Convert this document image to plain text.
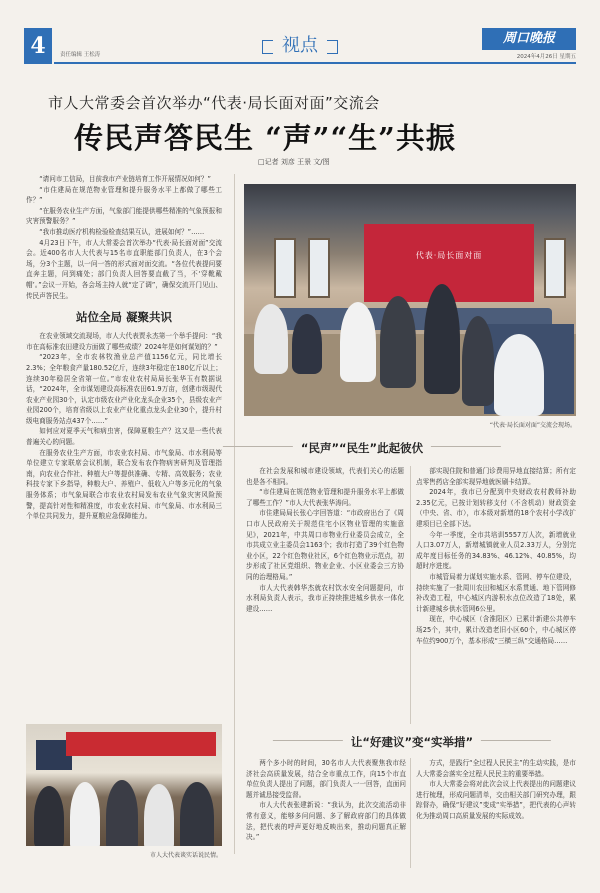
4	责任编辑 王松涛	视点	周口晚报
2024年4月26日 星期五
市人大常委会首次举办“代表·局长面对面”交流会
传民声答民生 “声”“生”共振
□记者 刘彦 王景 文/图

“请问市工信局，目前我市产业链培育工作开展情况如何？”

“市住建局在规范物业管理和提升服务水平上都做了哪些工作？”

“在服务农业生产方面，气象部门能提供哪些精准的气象预报和灾害预警服务？”

“我市推动医疗机构检验检查结果互认，进展如何？”……

4月23日下午，市人大常委会首次举办“代表·局长面对面”交流会。近400名市人大代表与15名市直职能部门负责人，在3个会场，分3个主题，以一问一答的形式面对面交流。“各位代表提问要直奔主题，问到痛处；部门负责人回答要直截了当，不‘穿靴戴帽’。”会议一开始，各会场主持人就“定了调”，确保交流开门见山、传民声答民生。

站位全局 凝聚共识

在农业领域交流现场，市人大代表贾永杰第一个举手提问：“我市在高标准农田建设方面做了哪些成绩？2024年是如何谋划的？”

“2023年，全市农林牧渔业总产值1156亿元，同比增长2.3%；全年粮食产量180.52亿斤，连续3年稳定在180亿斤以上；连续30年稳居全省第一位。”市农业农村局局长张华玉有数据说话，“2024年，全市谋划建设高标准农田61.9万亩，创建市级现代农业产业园30个，认定市级农业产业化龙头企业35个，县级农业产业园200个，培育省级以上农业产业化重点龙头企业30个，提升村级电商服务站点437个……”

如何应对夏季天气和病虫害，保障夏粮生产？这又是一些代表普遍关心的问题。

在服务农业生产方面，市农业农村局、市气象局、市水利局等单位建立专家联席会议机制，联合发布农作物病害研判及管理指南，向农业合作社、种植大户等提供准确、专精、高效服务；农业科技专家下乡指导，种粮大户、养殖户、低收入户等多元化的气象服务体系；市气象局联合市农业农村局发布农业气象灾害风险预警，提高针对性和精准度，市农业农村局、市气象局、市水利局三个单位共同发力，提升夏粮应急保障能力。

代表·局长面对面
“代表·局长面对面”交流会现场。
“民声”“民生”此起彼伏

在社会发展和城市建设领域，代表们关心的话题也是各不相同。

“市住建局在规范物业管理和提升服务水平上都做了哪些工作？”市人大代表张华涛问。

市住建局局长张心宇回答道：“市政府出台了《周口市人民政府关于规范住宅小区物业管理的实施意见》，2021年，中共周口市物业行业委员会成立，全市共成立业主委员会1163个；我市打造了39个红色物业小区，22个红色物业社区，6个红色物业示范点，初步形成了社区党组织、物业企业、小区业委会三方协同的治理格局。”

市人大代表韩华杰就农村饮水安全问题提问，市水利局负责人表示，我市正持续推进城乡供水一体化建设……

部实现住院和普通门诊费用异地直接结算；所有定点零售药店全部实现异地就医刷卡结算。

2024年，我市已分配到中央财政农村教师补助2.35亿元，已按计划转移支付（不含机动）财政资金（中央、省、市），市本级对新增的18个农村小学改扩建项目已全部下达。

今年一季度，全市共培训5557万人次，新增就业人口3.07万人，新增城镇就业人员2.33万人，分别完成年度目标任务的34.83%、46.12%、40.85%，均超时序进度。

市城管局着力谋划实施水系、管网、停车位建设，持续实施了一批周川农田和城区水系贯通、地下管网修补改造工程，中心城区内游积水点位改造了18处，累计新建城乡供水管网6公里。

现在，中心城区（含淮阳区）已累计新建公共停车场25个，其中，累计改造老旧小区60个，中心城区停车位约900万个，基本形成“三横三纵”交通格局……

让“好建议”变“实举措”

两个多小时的时间，30名市人大代表聚焦我市经济社会高质量发展，结合全市重点工作，向15个市直单位负责人提出了问题，部门负责人一一回答，直面问题并诚恳接受监督。

市人大代表张建新说：“我认为，此次交流活动非常有意义，能够多问问题、多了解政府部门的具体做法，把代表的呼声更好地反映出来，推动问题真正解决。”

方式，是践行“全过程人民民主”的生动实践，是市人大常委会落实全过程人民民主的重要举措。

市人大常委会将对此次会议上代表提出的问题建议进行梳理，形成问题清单，交由相关部门研究办理，跟踪督办，确保“好建议”变成“实举措”，把代表的心声转化为推动周口高质量发展的实际成效。

市人大代表谈实话说民情。
